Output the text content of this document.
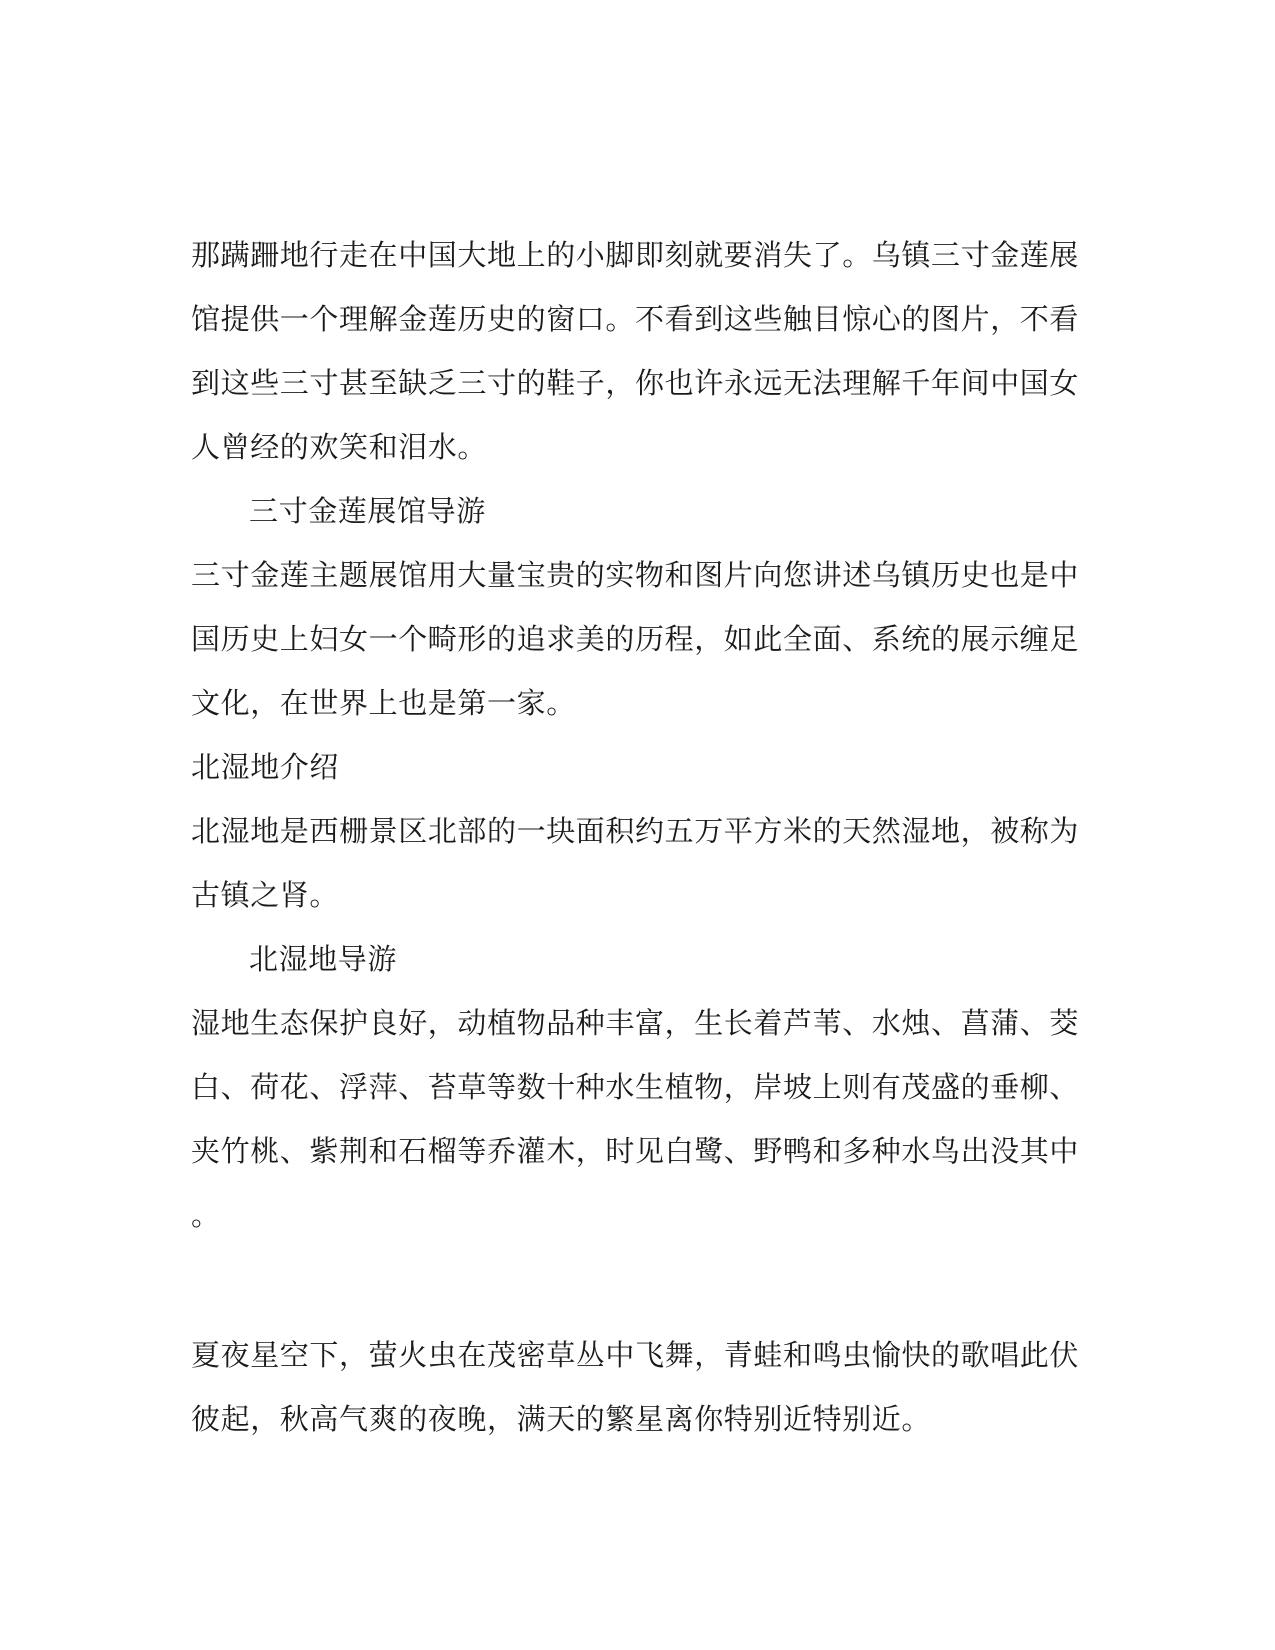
那蹒跚地行走在中国大地上的小脚即刻就要消失了。乌镇三寸金莲展
馆提供一个理解金莲历史的窗口。不看到这些触目惊心的图片，不看
到这些三寸甚至缺乏三寸的鞋子，你也许永远无法理解千年间中国女
人曾经的欢笑和泪水。
三寸金莲展馆导游
三寸金莲主题展馆用大量宝贵的实物和图片向您讲述乌镇历史也是中
国历史上妇女一个畸形的追求美的历程，如此全面、系统的展示缠足
文化，在世界上也是第一家。
北湿地介绍
北湿地是西栅景区北部的一块面积约五万平方米的天然湿地，被称为
古镇之肾。
北湿地导游
湿地生态保护良好，动植物品种丰富，生长着芦苇、水烛、菖蒲、茭
白、荷花、浮萍、苔草等数十种水生植物，岸坡上则有茂盛的垂柳、
夹竹桃、紫荆和石榴等乔灌木，时见白鹭、野鸭和多种水鸟出没其中
。
夏夜星空下，萤火虫在茂密草丛中飞舞，青蛙和鸣虫愉快的歌唱此伏
彼起，秋高气爽的夜晚，满天的繁星离你特别近特别近。
